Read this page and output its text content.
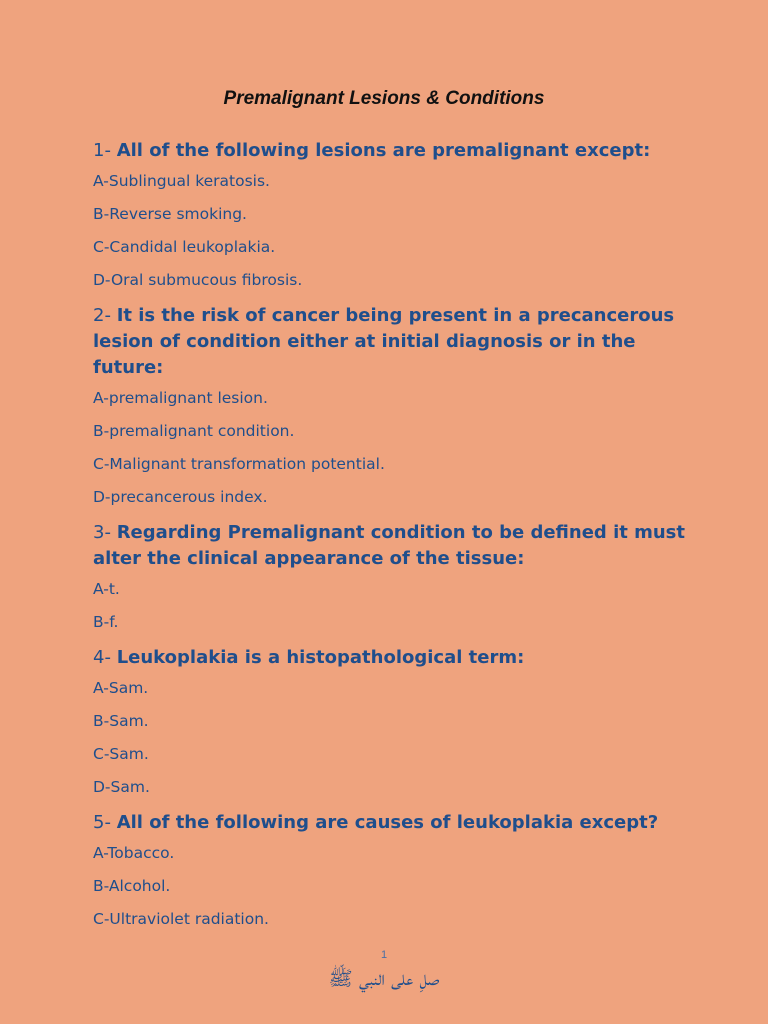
Premalignant Lesions & Conditions
1- All of the following lesions are premalignant except:
A-Sublingual keratosis.
B-Reverse smoking.
C-Candidal leukoplakia.
D-Oral submucous fibrosis.
2- It is the risk of cancer being present in a precancerous lesion of condition either at initial diagnosis or in the future:
A-premalignant lesion.
B-premalignant condition.
C-Malignant transformation potential.
D-precancerous index.
3- Regarding Premalignant condition to be defined it must alter the clinical appearance of the tissue:
A-t.
B-f.
4- Leukoplakia is a histopathological term:
A-Sam.
B-Sam.
C-Sam.
D-Sam.
5- All of the following are causes of leukoplakia except?
A-Tobacco.
B-Alcohol.
C-Ultraviolet radiation.
1
صلِ على النبي ﷺ
